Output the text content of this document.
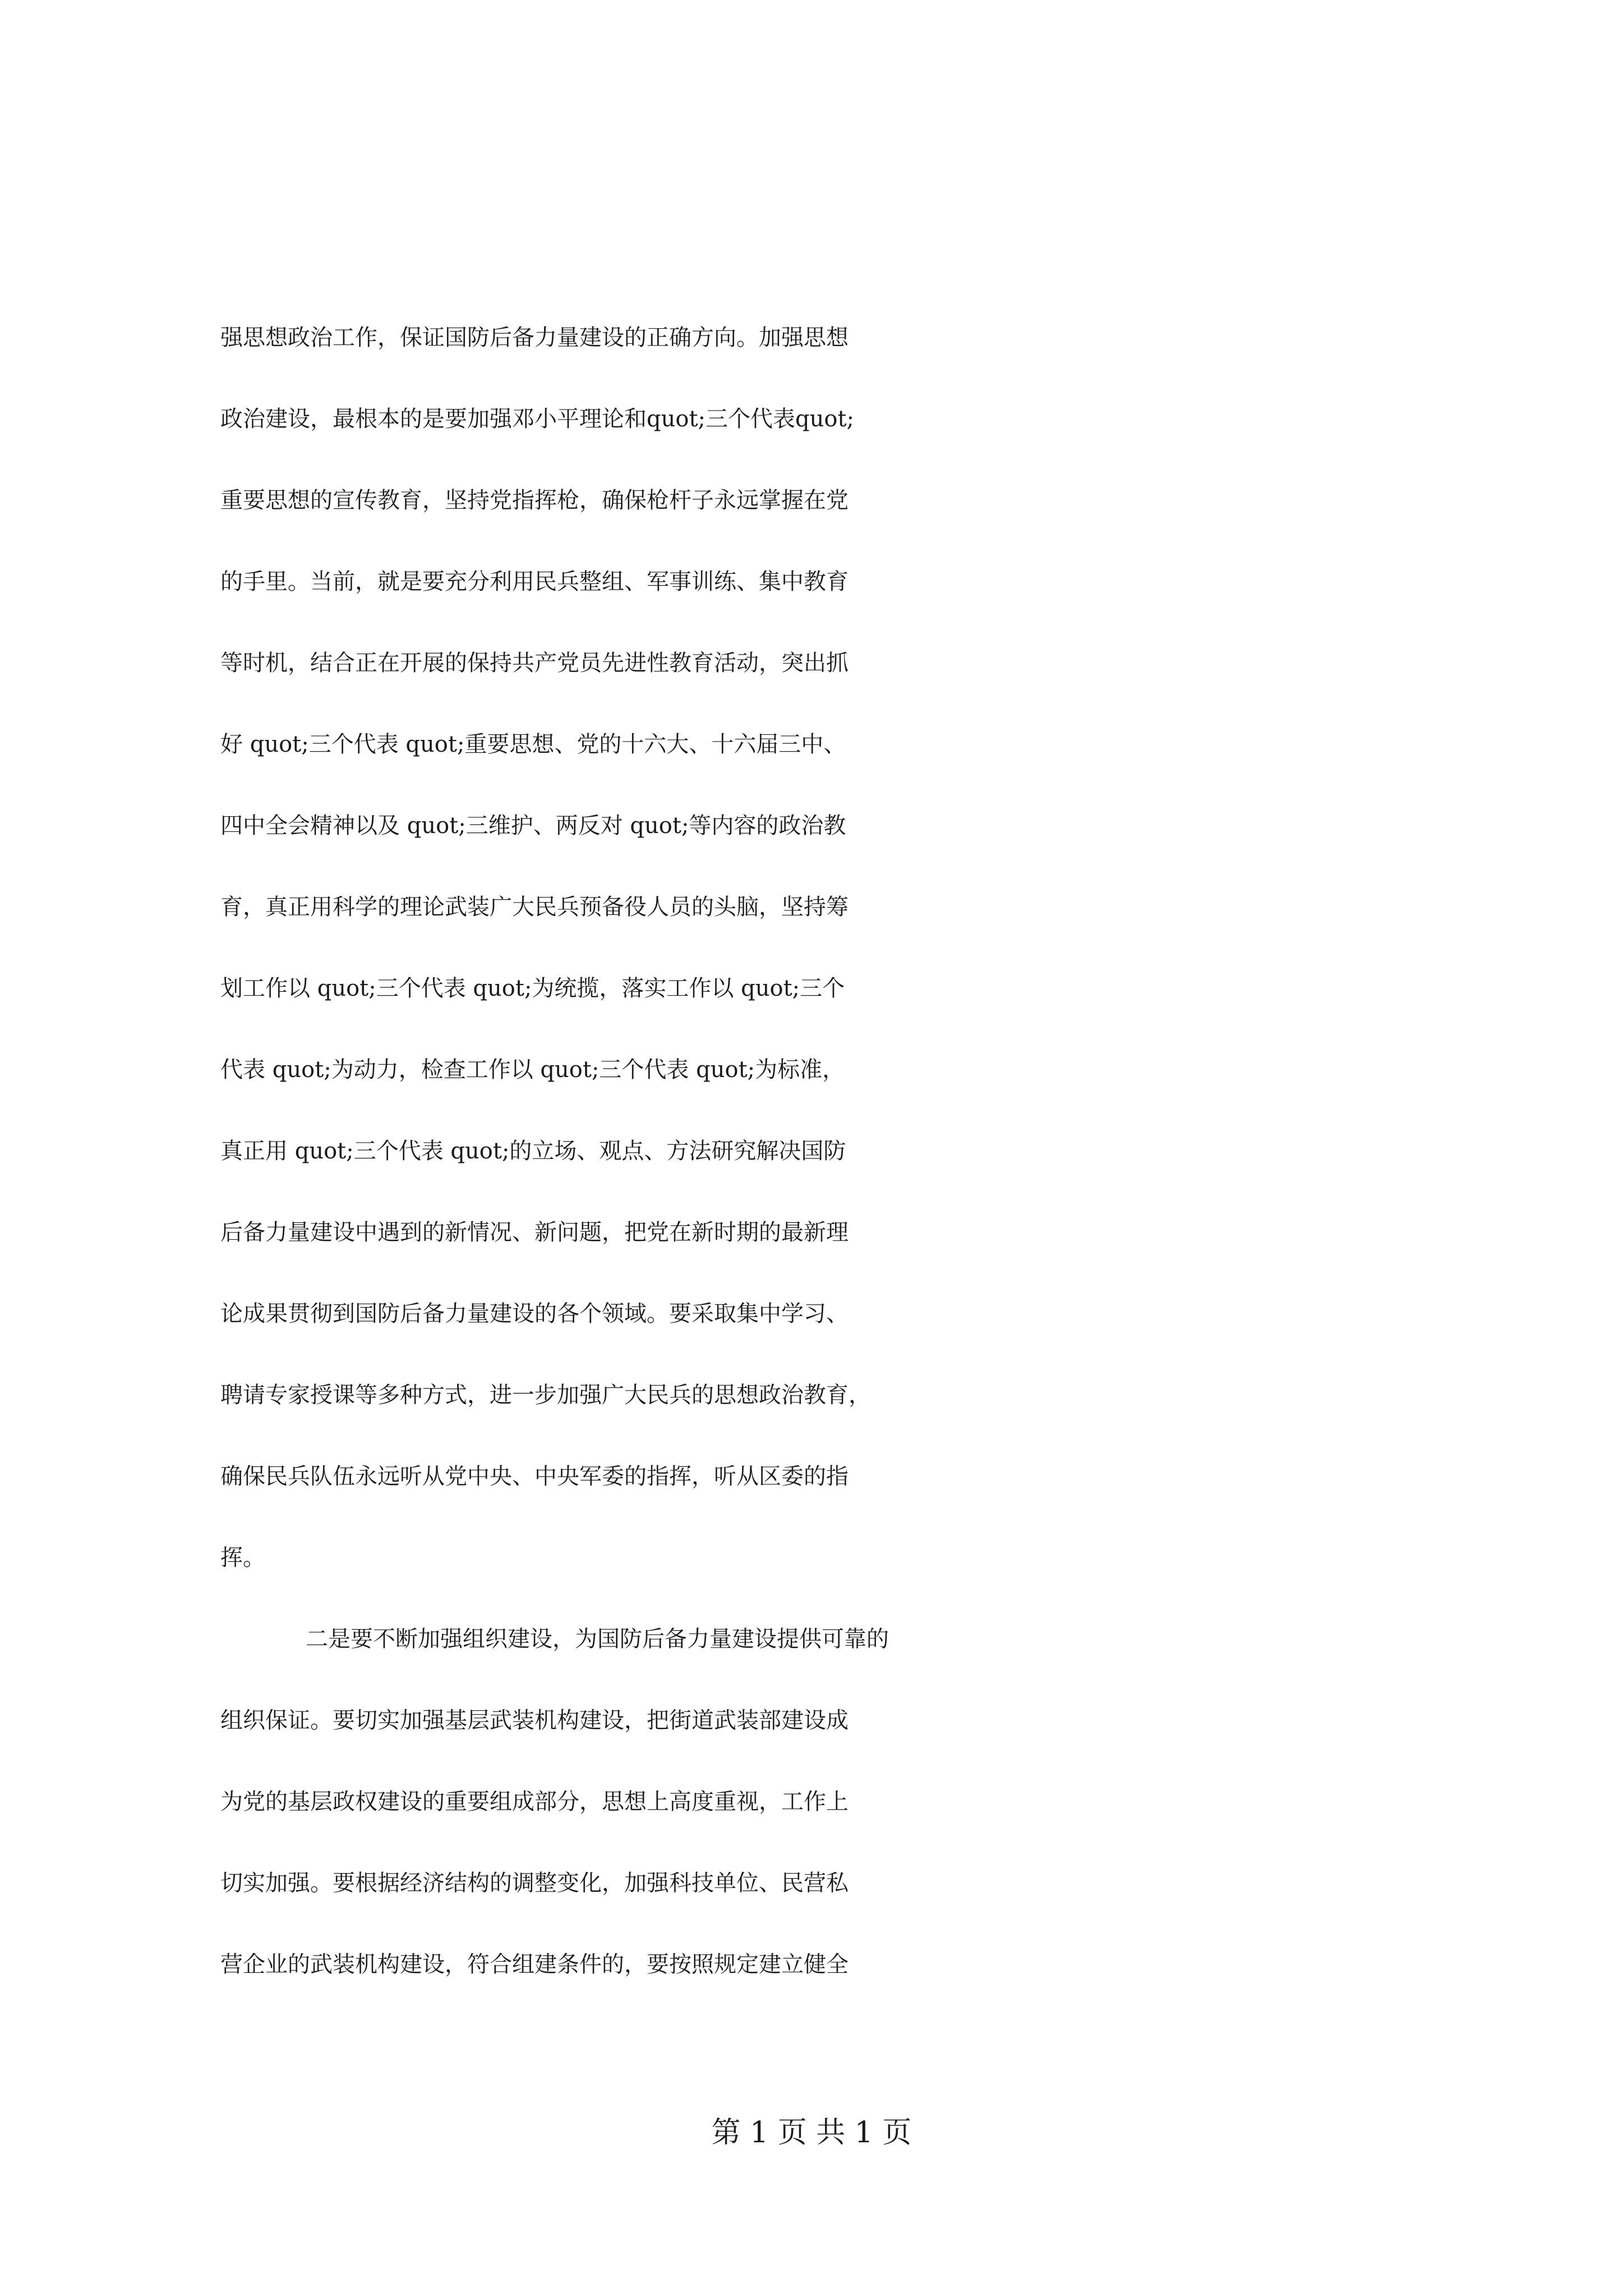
强思想政治工作，保证国防后备力量建设的正确方向。加强思想
政治建设，最根本的是要加强邓小平理论和quot;三个代表quot;
重要思想的宣传教育，坚持党指挥枪，确保枪杆子永远掌握在党
的手里。当前，就是要充分利用民兵整组、军事训练、集中教育
等时机，结合正在开展的保持共产党员先进性教育活动，突出抓
好 quot;三个代表 quot;重要思想、党的十六大、十六届三中、
四中全会精神以及 quot;三维护、两反对 quot;等内容的政治教
育，真正用科学的理论武装广大民兵预备役人员的头脑，坚持筹
划工作以 quot;三个代表 quot;为统揽，落实工作以 quot;三个
代表 quot;为动力，检查工作以 quot;三个代表 quot;为标准，
真正用 quot;三个代表 quot;的立场、观点、方法研究解决国防
后备力量建设中遇到的新情况、新问题，把党在新时期的最新理
论成果贯彻到国防后备力量建设的各个领域。要采取集中学习、
聘请专家授课等多种方式，进一步加强广大民兵的思想政治教育，
确保民兵队伍永远听从党中央、中央军委的指挥，听从区委的指
挥。
二是要不断加强组织建设，为国防后备力量建设提供可靠的
组织保证。要切实加强基层武装机构建设，把街道武装部建设成
为党的基层政权建设的重要组成部分，思想上高度重视，工作上
切实加强。要根据经济结构的调整变化，加强科技单位、民营私
营企业的武装机构建设，符合组建条件的，要按照规定建立健全
第 1 页 共 1 页
